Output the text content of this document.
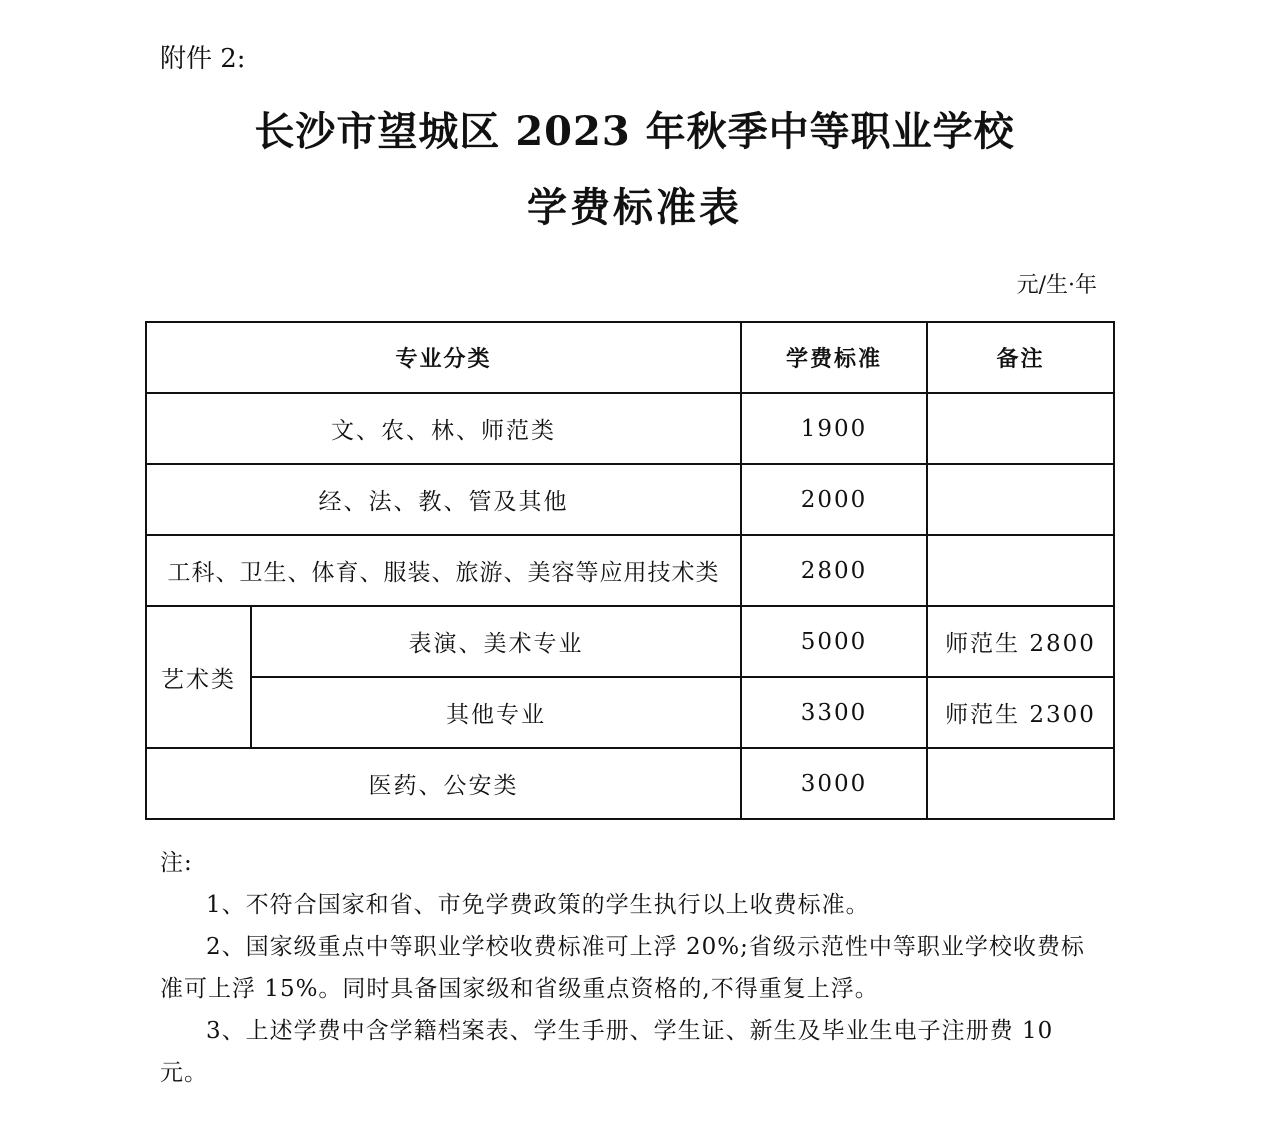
附件 2:
长沙市望城区 2023 年秋季中等职业学校
学费标准表
元/生·年
专业分类		学费标准	备注
文、农、林、师范类		1900	
经、法、教、管及其他		2000	
工科、卫生、体育、服装、旅游、美容等应用技术类		2800	
艺术类	表演、美术专业	5000	师范生 2800
	其他专业	3300	师范生 2300
医药、公安类		3000	

注:

1、不符合国家和省、市免学费政策的学生执行以上收费标准。

2、国家级重点中等职业学校收费标准可上浮 20%;省级示范性中等职业学校收费标准可上浮 15%。同时具备国家级和省级重点资格的,不得重复上浮。

3、上述学费中含学籍档案表、学生手册、学生证、新生及毕业生电子注册费 10 元。
